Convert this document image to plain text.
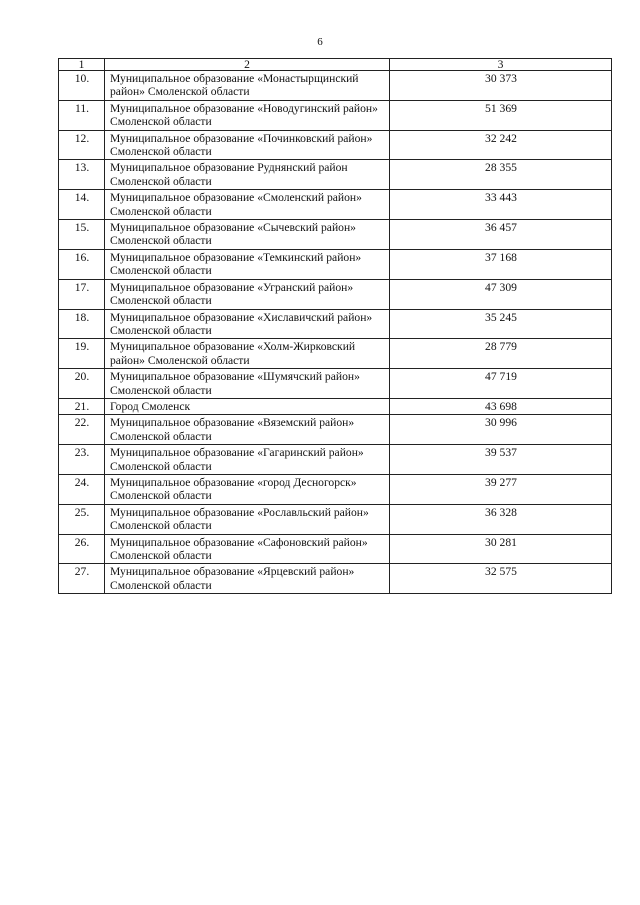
6
1	2	3
10.	Муниципальное образование «Монастырщинский район» Смоленской области	30 373
11.	Муниципальное образование «Новодугинский район» Смоленской области	51 369
12.	Муниципальное образование «Починковский район» Смоленской области	32 242
13.	Муниципальное образование Руднянский район Смоленской области	28 355
14.	Муниципальное образование «Смоленский район» Смоленской области	33 443
15.	Муниципальное образование «Сычевский район» Смоленской области	36 457
16.	Муниципальное образование «Темкинский район» Смоленской области	37 168
17.	Муниципальное образование «Угранский район» Смоленской области	47 309
18.	Муниципальное образование «Хиславичский район» Смоленской области	35 245
19.	Муниципальное образование «Холм-Жирковский район» Смоленской области	28 779
20.	Муниципальное образование «Шумячский район» Смоленской области	47 719
21.	Город Смоленск	43 698
22.	Муниципальное образование «Вяземский район» Смоленской области	30 996
23.	Муниципальное образование «Гагаринский район» Смоленской области	39 537
24.	Муниципальное образование «город Десногорск» Смоленской области	39 277
25.	Муниципальное образование «Рославльский район» Смоленской области	36 328
26.	Муниципальное образование «Сафоновский район» Смоленской области	30 281
27.	Муниципальное образование «Ярцевский район» Смоленской области	32 575
